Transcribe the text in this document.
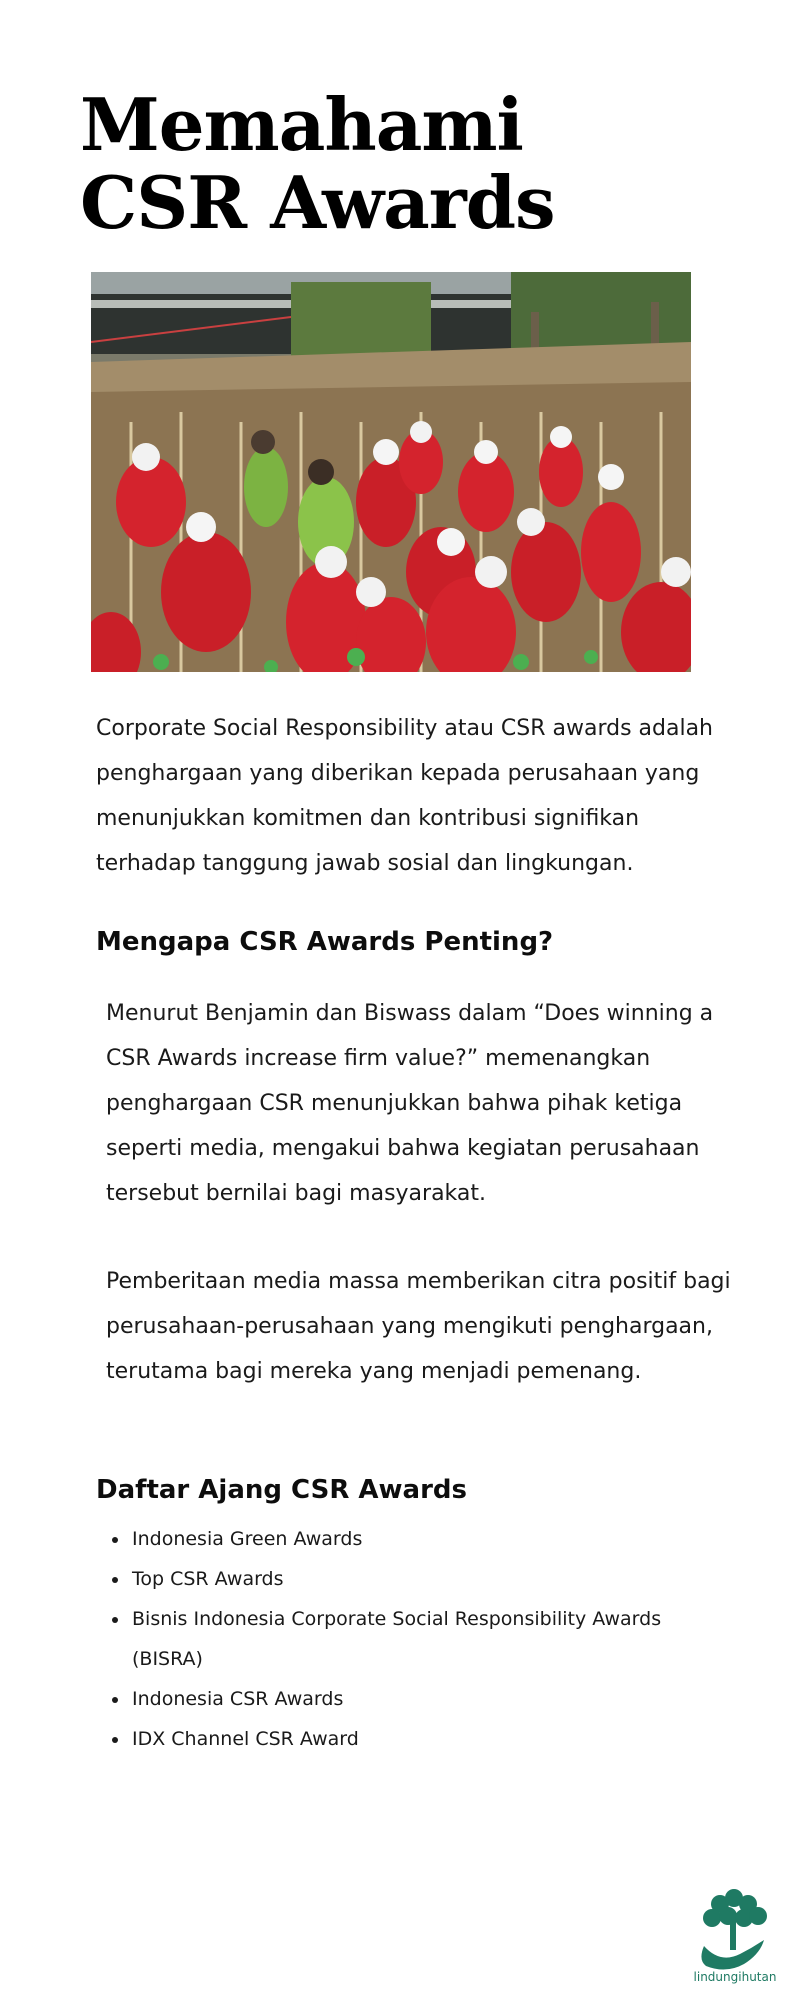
Memahami
CSR Awards

Corporate Social Responsibility atau CSR awards adalah penghargaan yang diberikan kepada perusahaan yang menunjukkan komitmen dan kontribusi signifikan terhadap tanggung jawab sosial dan lingkungan.

Mengapa CSR Awards Penting?

Menurut Benjamin dan Biswass dalam “Does winning a CSR Awards increase firm value?” memenangkan penghargaan CSR menunjukkan bahwa pihak ketiga seperti media, mengakui bahwa kegiatan perusahaan tersebut bernilai bagi masyarakat.

Pemberitaan media massa memberikan citra positif bagi perusahaan-perusahaan yang mengikuti penghargaan, terutama bagi mereka yang menjadi pemenang.

Daftar Ajang CSR Awards
• Indonesia Green Awards
• Top CSR Awards
• Bisnis Indonesia Corporate Social Responsibility Awards (BISRA)
• Indonesia CSR Awards
• IDX Channel CSR Award
lindungihutan
